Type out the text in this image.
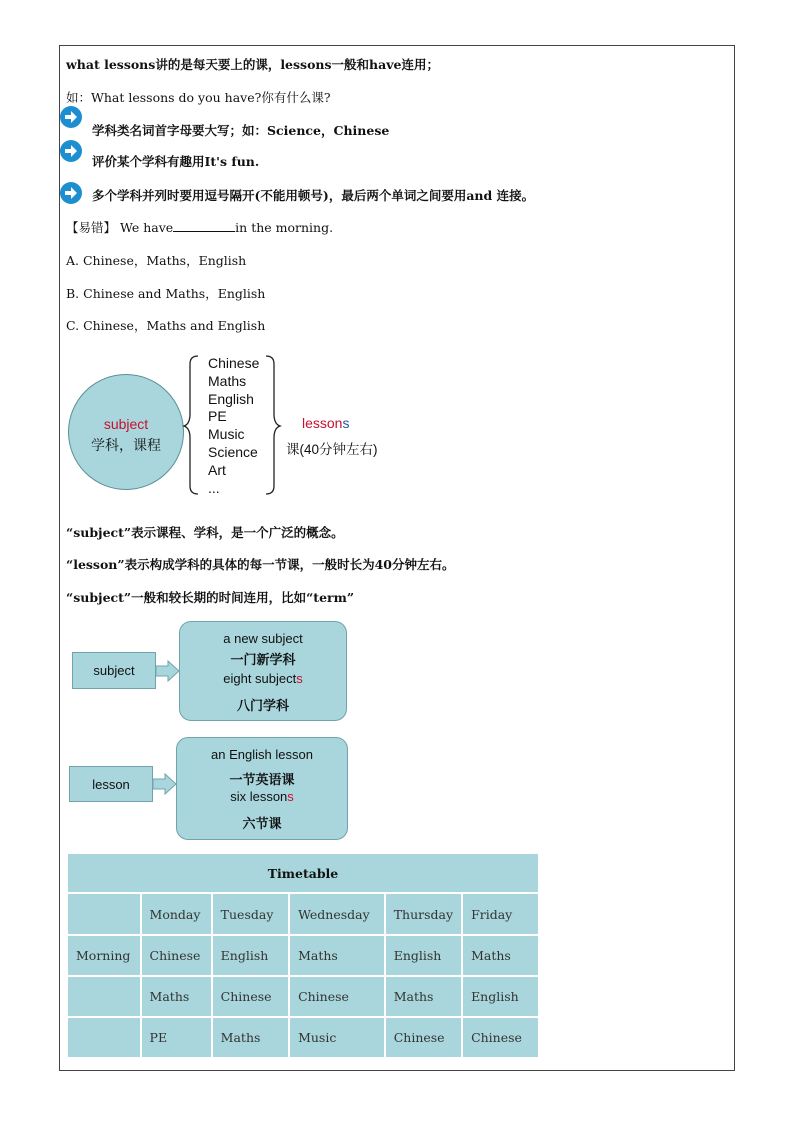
what lessons讲的是每天要上的课，lessons一般和have连用；
如：What lessons do you have?你有什么课?
学科类名词首字母要大写；如：Science，Chinese
评价某个学科有趣用It's fun.
多个学科并列时要用逗号隔开(不能用顿号)，最后两个单词之间要用and 连接。
【易错】 We have	in the morning.
A. Chinese，Maths，English
B. Chinese and Maths，English
C. Chinese，Maths and English
subject
学科，课程
Chinese
Maths
English
PE
Music
Science
Art
...
lessons
课(40分钟左右)
“subject”表示课程、学科，是一个广泛的概念。
“lesson”表示构成学科的具体的每一节课，一般时长为40分钟左右。
“subject”一般和较长期的时间连用，比如“term”
subject
a new subject
一门新学科
eight subjects
八门学科
lesson
an English lesson
一节英语课
six lessons
六节课
Timetable					
	Monday	Tuesday	Wednesday	Thursday	Friday
Morning	Chinese	English	Maths	English	Maths
	Maths	Chinese	Chinese	Maths	English
	PE	Maths	Music	Chinese	Chinese
